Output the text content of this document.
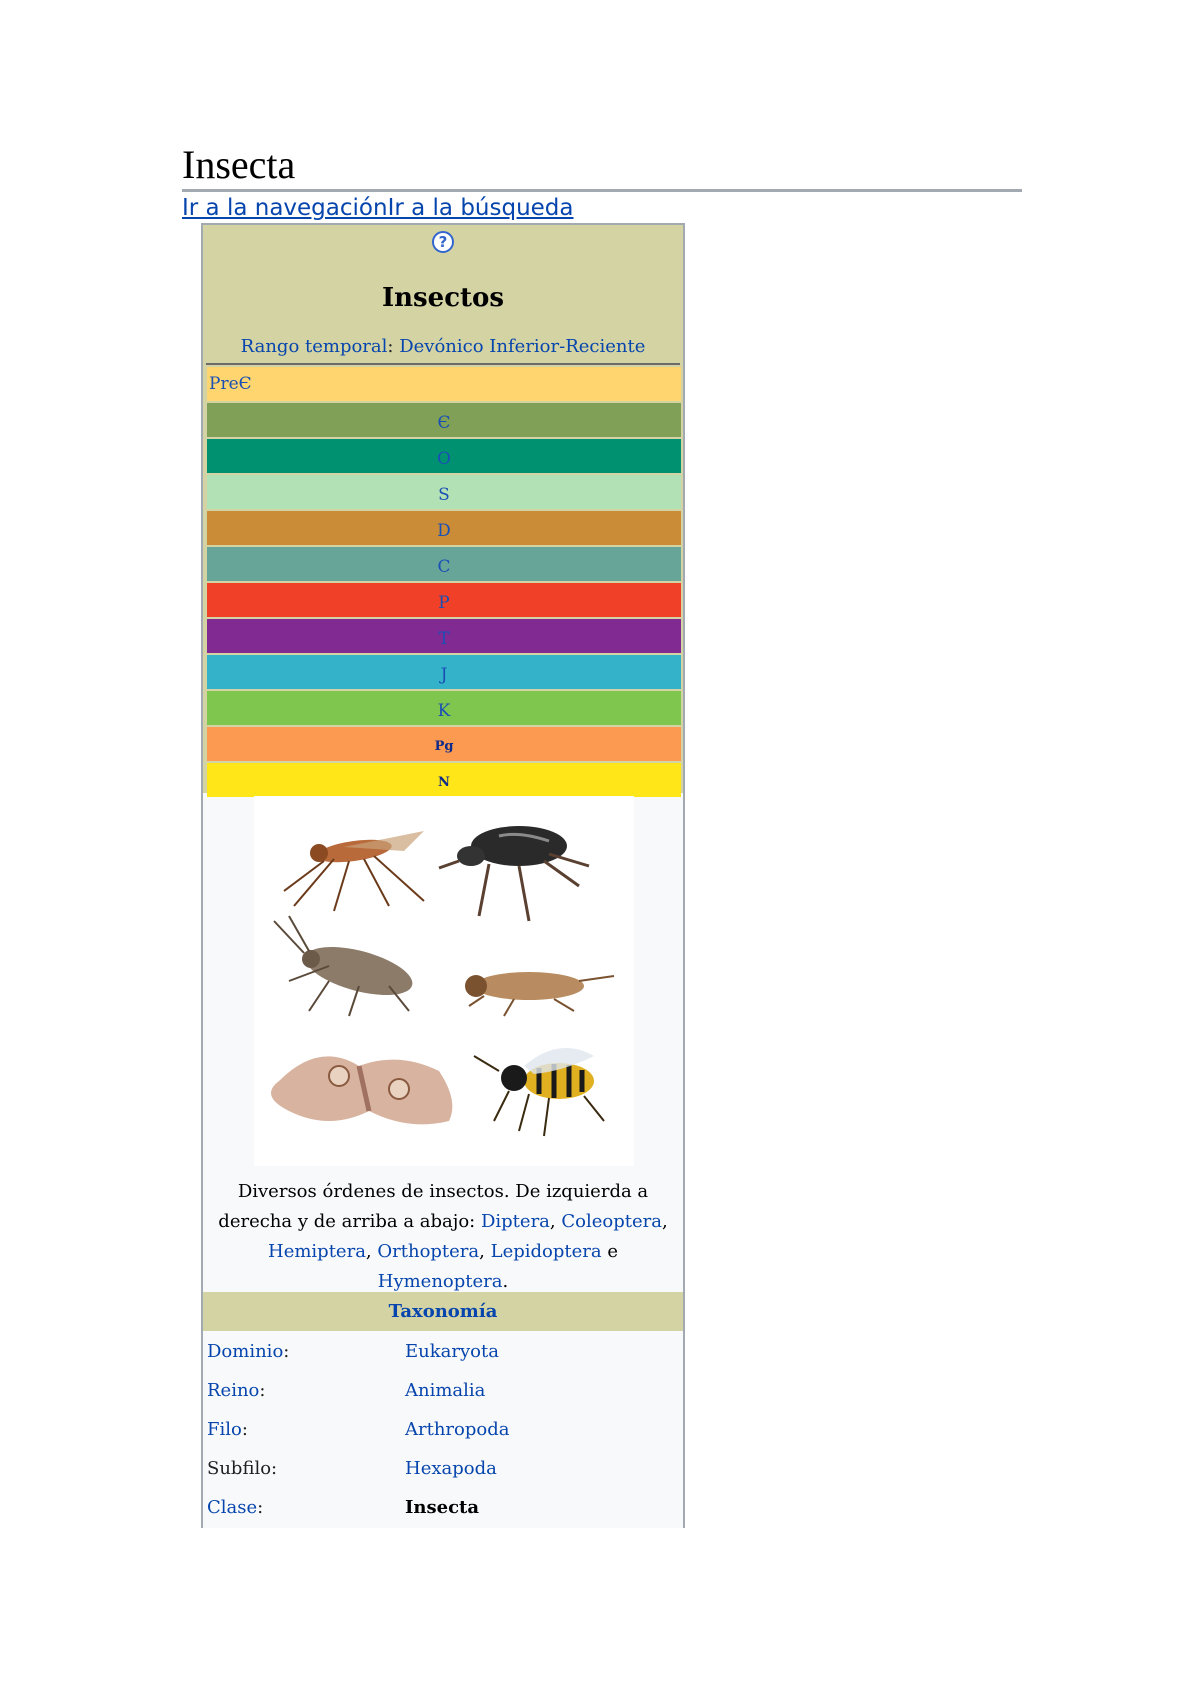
Insecta
Ir a la navegaciónIr a la búsqueda
?
Insectos
Rango temporal: Devónico Inferior-Reciente
PreЄ
Є
O
S
D
C
P
T
J
K
Pg
N
Diversos órdenes de insectos. De izquierda a derecha y de arriba a abajo: Diptera, Coleoptera, Hemiptera, Orthoptera, Lepidoptera e Hymenoptera.
Taxonomía
Dominio:	Eukaryota
Reino:	Animalia
Filo:	Arthropoda
Subfilo:	Hexapoda
Clase:	Insecta
